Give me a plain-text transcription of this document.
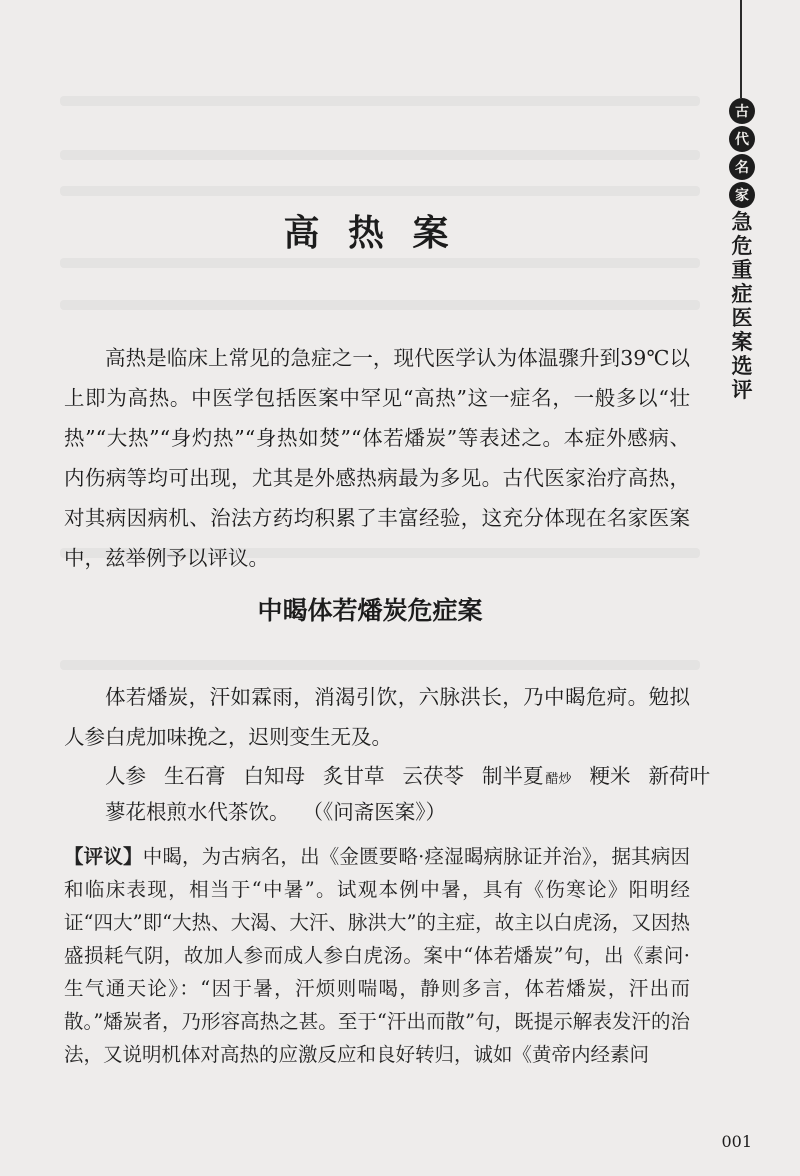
古
代
名
家
急
危
重
症
医
案
选
评
高 热 案

高热是临床上常见的急症之一，现代医学认为体温骤升到39℃以上即为高热。中医学包括医案中罕见“高热”这一症名，一般多以“壮热”“大热”“身灼热”“身热如焚”“体若燔炭”等表述之。本症外感病、内伤病等均可出现，尤其是外感热病最为多见。古代医家治疗高热，对其病因病机、治法方药均积累了丰富经验，这充分体现在名家医案中，兹举例予以评议。

中暍体若燔炭危症案

体若燔炭，汗如霖雨，消渴引饮，六脉洪长，乃中暍危疴。勉拟人参白虎加味挽之，迟则变生无及。

人参 生石膏 白知母 炙甘草 云茯苓 制半夏 醋炒 粳米 新荷叶
蓼花根煎水代茶饮。 （《问斋医案》）

【评议】中暍，为古病名，出《金匮要略·痉湿暍病脉证并治》，据其病因和临床表现，相当于“中暑”。试观本例中暑，具有《伤寒论》阳明经证“四大”即“大热、大渴、大汗、脉洪大”的主症，故主以白虎汤，又因热盛损耗气阴，故加人参而成人参白虎汤。案中“体若燔炭”句，出《素问·生气通天论》：“因于暑，汗烦则喘喝，静则多言，体若燔炭，汗出而散。”燔炭者，乃形容高热之甚。至于“汗出而散”句，既提示解表发汗的治法，又说明机体对高热的应激反应和良好转归，诚如《黄帝内经素问

001
